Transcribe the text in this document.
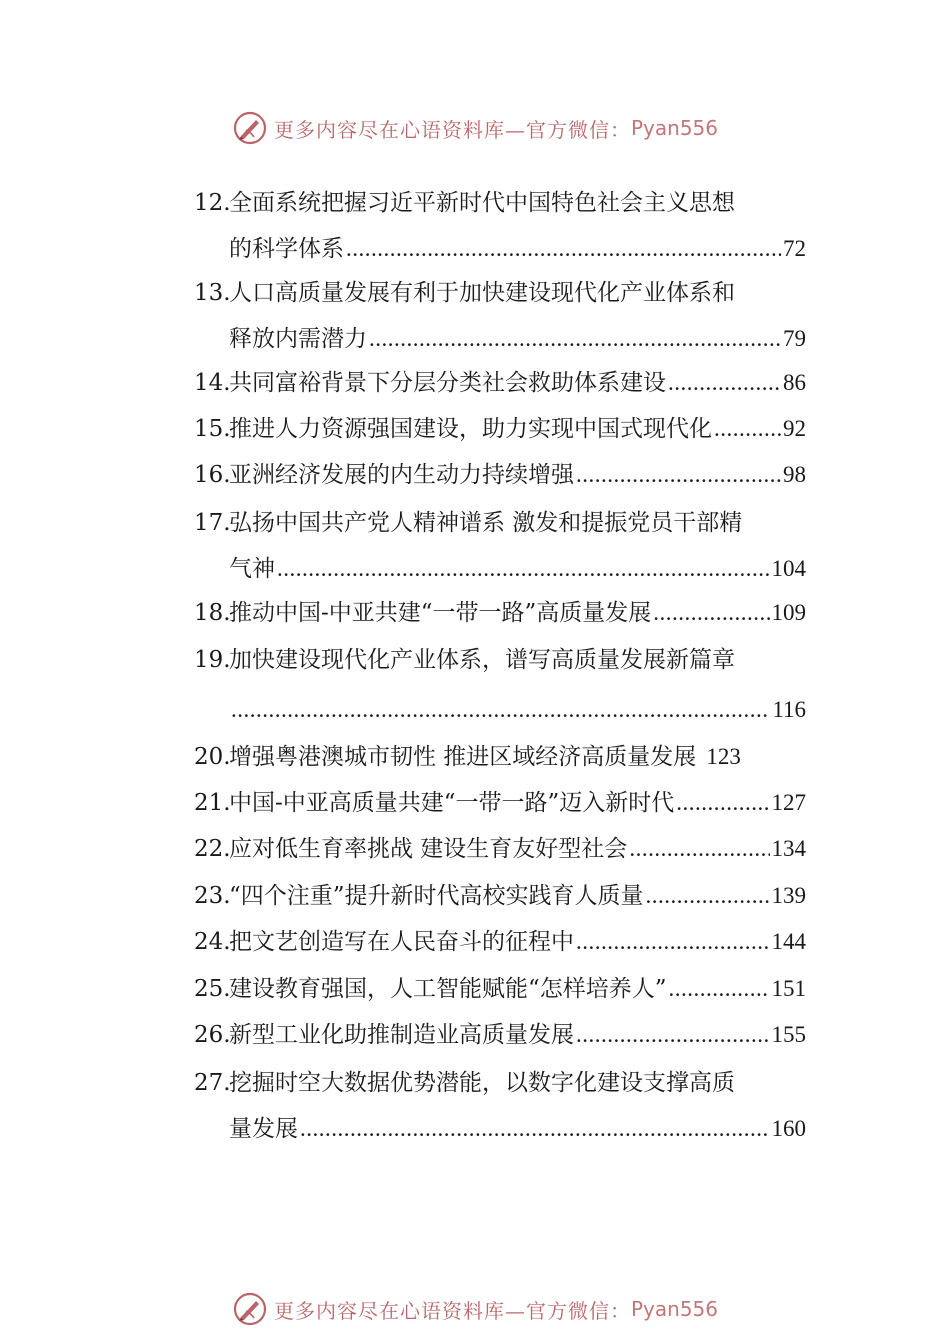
更多内容尽在心语资料库—官方微信： Pyan556
12.
全面系统把握习近平新时代中国特色社会主义思想
的科学体系 .....	72
13.
人口高质量发展有利于加快建设现代化产业体系和
释放内需潜力 .....	79
14.
共同富裕背景下分层分类社会救助体系建设 .....	86
15.
推进人力资源强国建设，助力实现中国式现代化 .....	92
16.
亚洲经济发展的内生动力持续增强 .....	98
17.
弘扬中国共产党人精神谱系 激发和提振党员干部精
气神 .....	104
18.
推动中国-中亚共建“一带一路”高质量发展 .....	109
19.
加快建设现代化产业体系，谱写高质量发展新篇章
.....
116
20.
增强粤港澳城市韧性 推进区域经济高质量发展 123
21.
中国-中亚高质量共建“一带一路”迈入新时代 .....	127
22.
应对低生育率挑战 建设生育友好型社会 .....	134
23.
“四个注重”提升新时代高校实践育人质量 .....	139
24.
把文艺创造写在人民奋斗的征程中 .....	144
25.
建设教育强国，人工智能赋能“怎样培养人” .....	151
26.
新型工业化助推制造业高质量发展 .....	155
27.
挖掘时空大数据优势潜能，以数字化建设支撑高质
量发展 .....	160
更多内容尽在心语资料库—官方微信： Pyan556
